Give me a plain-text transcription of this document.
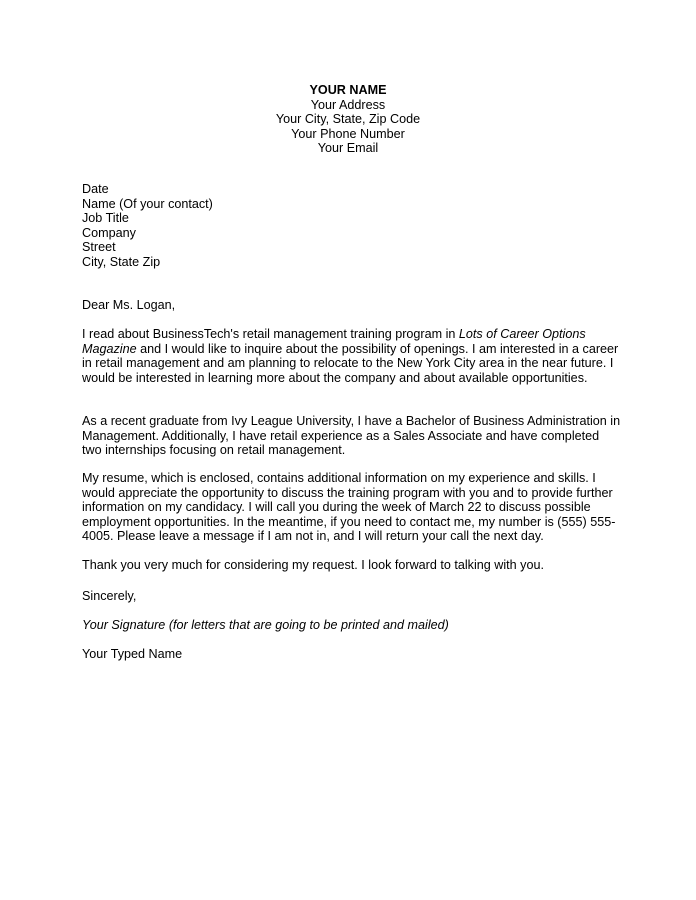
YOUR NAME
Your Address
Your City, State, Zip Code
Your Phone Number
Your Email

Date

Name (Of your contact)

Job Title

Company

Street

City, State Zip

Dear Ms. Logan,
I read about BusinessTech's retail management training program in Lots of Career Options Magazine and I would like to inquire about the possibility of openings. I am interested in a career in retail management and am planning to relocate to the New York City area in the near future. I would be interested in learning more about the company and about available opportunities.
As a recent graduate from Ivy League University, I have a Bachelor of Business Administration in Management. Additionally, I have retail experience as a Sales Associate and have completed two internships focusing on retail management.
My resume, which is enclosed, contains additional information on my experience and skills. I would appreciate the opportunity to discuss the training program with you and to provide further information on my candidacy. I will call you during the week of March 22 to discuss possible employment opportunities. In the meantime, if you need to contact me, my number is (555) 555-4005. Please leave a message if I am not in, and I will return your call the next day.
Thank you very much for considering my request. I look forward to talking with you.
Sincerely,
Your Signature (for letters that are going to be printed and mailed)
Your Typed Name
